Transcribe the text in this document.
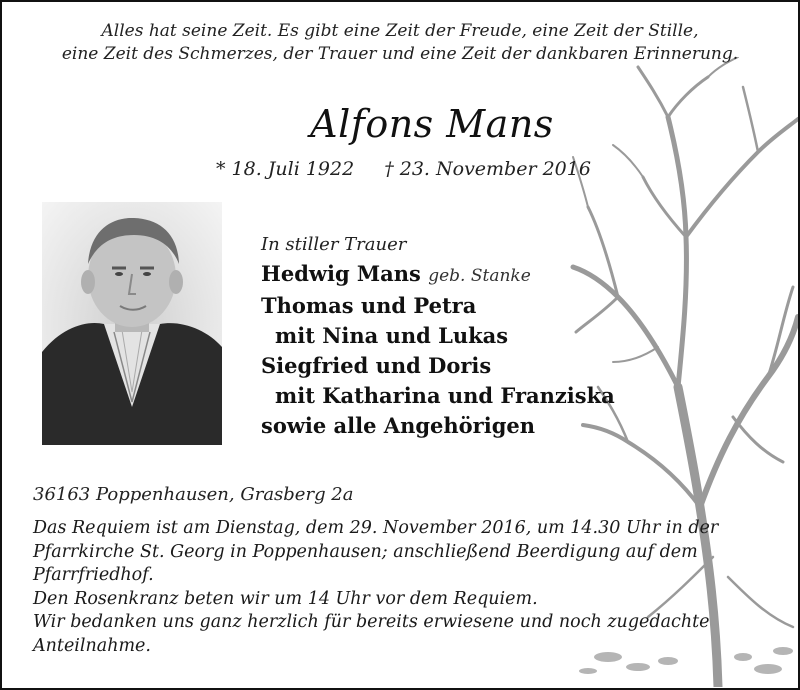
Alles hat seine Zeit. Es gibt eine Zeit der Freude, eine Zeit der Stille,
eine Zeit des Schmerzes, der Trauer und eine Zeit der dankbaren Erinnerung.
Alfons Mans
* 18. Juli 1922 † 23. November 2016
In stiller Trauer
Hedwig Mans geb. Stanke
Thomas und Petra
mit Nina und Lukas
Siegfried und Doris
mit Katharina und Franziska
sowie alle Angehörigen
36163 Poppenhausen, Grasberg 2a

Das Requiem ist am Dienstag, dem 29. November 2016, um 14.30 Uhr in der Pfarrkirche St. Georg in Poppenhausen; anschließend Beerdigung auf dem Pfarrfriedhof.

Den Rosenkranz beten wir um 14 Uhr vor dem Requiem.

Wir bedanken uns ganz herzlich für bereits erwiesene und noch zugedachte Anteilnahme.
